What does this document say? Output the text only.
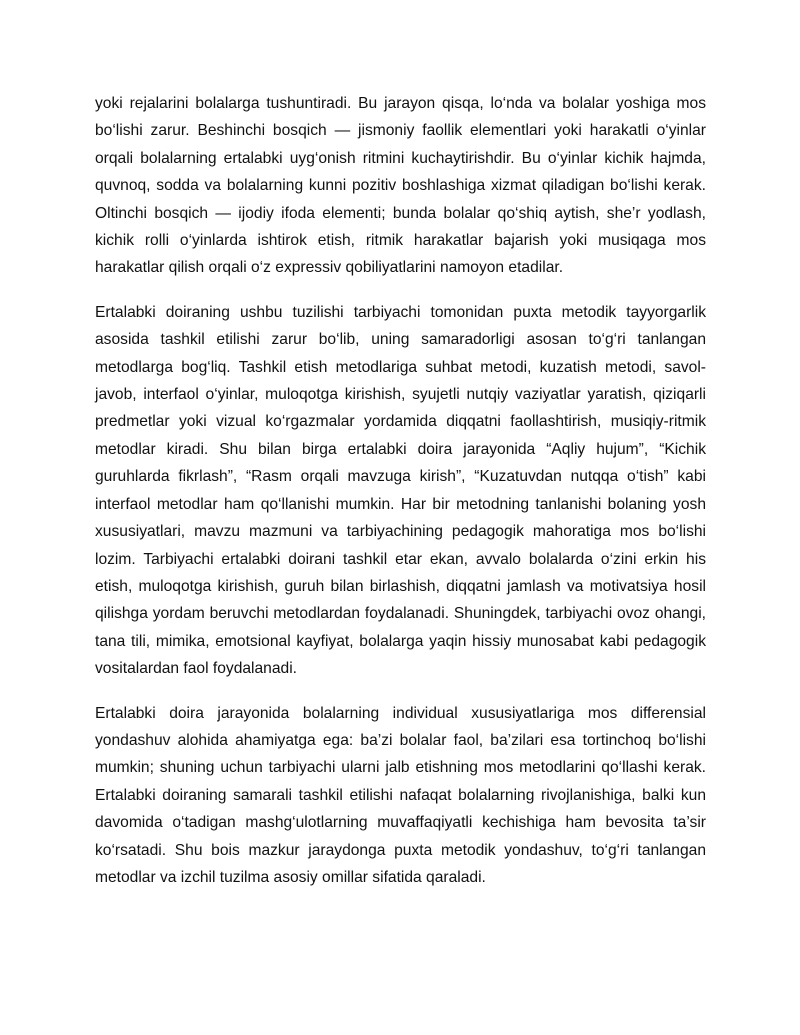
yoki rejalarini bolalarga tushuntiradi. Bu jarayon qisqa, lo‘nda va bolalar yoshiga mos bo‘lishi zarur. Beshinchi bosqich — jismoniy faollik elementlari yoki harakatli o‘yinlar orqali bolalarning ertalabki uyg‘onish ritmini kuchaytirishdir. Bu o‘yinlar kichik hajmda, quvnoq, sodda va bolalarning kunni pozitiv boshlashiga xizmat qiladigan bo‘lishi kerak. Oltinchi bosqich — ijodiy ifoda elementi; bunda bolalar qo‘shiq aytish, she’r yodlash, kichik rolli o‘yinlarda ishtirok etish, ritmik harakatlar bajarish yoki musiqaga mos harakatlar qilish orqali o‘z expressiv qobiliyatlarini namoyon etadilar.

Ertalabki doiraning ushbu tuzilishi tarbiyachi tomonidan puxta metodik tayyorgarlik asosida tashkil etilishi zarur bo‘lib, uning samaradorligi asosan to‘g‘ri tanlangan metodlarga bog‘liq. Tashkil etish metodlariga suhbat metodi, kuzatish metodi, savol-javob, interfaol o‘yinlar, muloqotga kirishish, syujetli nutqiy vaziyatlar yaratish, qiziqarli predmetlar yoki vizual ko‘rgazmalar yordamida diqqatni faollashtirish, musiqiy-ritmik metodlar kiradi. Shu bilan birga ertalabki doira jarayonida “Aqliy hujum”, “Kichik guruhlarda fikrlash”, “Rasm orqali mavzuga kirish”, “Kuzatuvdan nutqqa o‘tish” kabi interfaol metodlar ham qo‘llanishi mumkin. Har bir metodning tanlanishi bolaning yosh xususiyatlari, mavzu mazmuni va tarbiyachining pedagogik mahoratiga mos bo‘lishi lozim. Tarbiyachi ertalabki doirani tashkil etar ekan, avvalo bolalarda o‘zini erkin his etish, muloqotga kirishish, guruh bilan birlashish, diqqatni jamlash va motivatsiya hosil qilishga yordam beruvchi metodlardan foydalanadi. Shuningdek, tarbiyachi ovoz ohangi, tana tili, mimika, emotsional kayfiyat, bolalarga yaqin hissiy munosabat kabi pedagogik vositalardan faol foydalanadi.

Ertalabki doira jarayonida bolalarning individual xususiyatlariga mos differensial yondashuv alohida ahamiyatga ega: ba’zi bolalar faol, ba’zilari esa tortinchoq bo‘lishi mumkin; shuning uchun tarbiyachi ularni jalb etishning mos metodlarini qo‘llashi kerak. Ertalabki doiraning samarali tashkil etilishi nafaqat bolalarning rivojlanishiga, balki kun davomida o‘tadigan mashg‘ulotlarning muvaffaqiyatli kechishiga ham bevosita ta’sir ko‘rsatadi. Shu bois mazkur jaraydonga puxta metodik yondashuv, to‘g‘ri tanlangan metodlar va izchil tuzilma asosiy omillar sifatida qaraladi.
